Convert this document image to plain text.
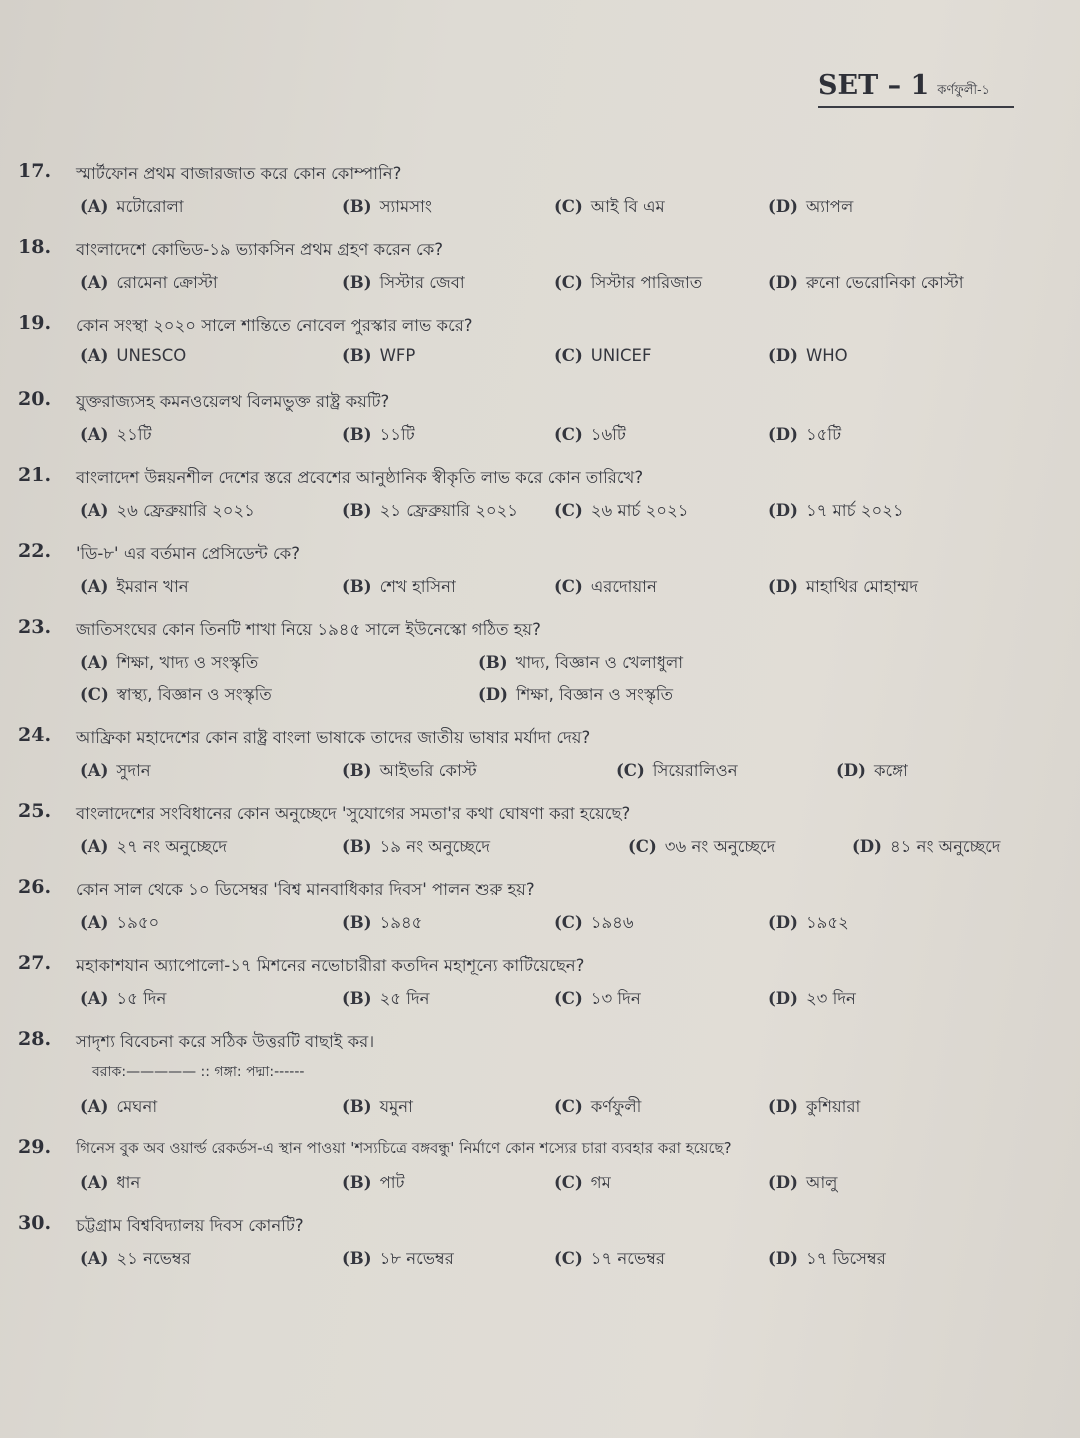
SET – 1 কর্ণফুলী-১
17.	স্মার্টফোন প্রথম বাজারজাত করে কোন কোম্পানি?
(A) মটোরোলা	(B) স্যামসাং	(C) আই বি এম	(D) অ্যাপল
18.	বাংলাদেশে কোভিড-১৯ ভ্যাকসিন প্রথম গ্রহণ করেন কে?
(A) রোমেনা ক্রোস্টা	(B) সিস্টার জেবা	(C) সিস্টার পারিজাত	(D) রুনো ভেরোনিকা কোস্টা
19.	কোন সংস্থা ২০২০ সালে শান্তিতে নোবেল পুরস্কার লাভ করে?
(A) UNESCO	(B) WFP	(C) UNICEF	(D) WHO
20.	যুক্তরাজ্যসহ কমনওয়েলথ বিলমভুক্ত রাষ্ট্র কয়টি?
(A) ২১টি	(B) ১১টি	(C) ১৬টি	(D) ১৫টি
21.	বাংলাদেশ উন্নয়নশীল দেশের স্তরে প্রবেশের আনুষ্ঠানিক স্বীকৃতি লাভ করে কোন তারিখে?
(A) ২৬ ফ্রেব্রুয়ারি ২০২১	(B) ২১ ফ্রেব্রুয়ারি ২০২১ (C) ২৬ মার্চ ২০২১	(D) ১৭ মার্চ ২০২১
22.	'ডি-৮' এর বর্তমান প্রেসিডেন্ট কে?
(A) ইমরান খান	(B) শেখ হাসিনা	(C) এরদোয়ান	(D) মাহাথির মোহাম্মদ
23.	জাতিসংঘের কোন তিনটি শাখা নিয়ে ১৯৪৫ সালে ইউনেস্কো গঠিত হয়?
(A) শিক্ষা, খাদ্য ও সংস্কৃতি	(B) খাদ্য, বিজ্ঞান ও খেলাধুলা
(C) স্বাস্থ্য, বিজ্ঞান ও সংস্কৃতি	(D) শিক্ষা, বিজ্ঞান ও সংস্কৃতি
24.	আফ্রিকা মহাদেশের কোন রাষ্ট্র বাংলা ভাষাকে তাদের জাতীয় ভাষার মর্যাদা দেয়?
(A) সুদান	(B) আইভরি কোস্ট	(C) সিয়েরালিওন	(D) কঙ্গো
25.	বাংলাদেশের সংবিধানের কোন অনুচ্ছেদে 'সুযোগের সমতা'র কথা ঘোষণা করা হয়েছে?
(A) ২৭ নং অনুচ্ছেদে	(B) ১৯ নং অনুচ্ছেদে	(C) ৩৬ নং অনুচ্ছেদে	(D) ৪১ নং অনুচ্ছেদে
26.	কোন সাল থেকে ১০ ডিসেম্বর 'বিশ্ব মানবাধিকার দিবস' পালন শুরু হয়?
(A) ১৯৫০	(B) ১৯৪৫	(C) ১৯৪৬	(D) ১৯৫২
27.	মহাকাশযান অ্যাপোলো-১৭ মিশনের নভোচারীরা কতদিন মহাশূন্যে কাটিয়েছেন?
(A) ১৫ দিন	(B) ২৫ দিন	(C) ১৩ দিন	(D) ২৩ দিন
28.	সাদৃশ্য বিবেচনা করে সঠিক উত্তরটি বাছাই কর।
বরাক:————— :: গঙ্গা: পদ্মা:------
(A) মেঘনা	(B) যমুনা	(C) কর্ণফুলী	(D) কুশিয়ারা
29.	গিনেস বুক অব ওয়ার্ল্ড রেকর্ডস-এ স্থান পাওয়া 'শস্যচিত্রে বঙ্গবন্ধু' নির্মাণে কোন শস্যের চারা ব্যবহার করা হয়েছে?
(A) ধান	(B) পাট	(C) গম	(D) আলু
30.	চট্টগ্রাম বিশ্ববিদ্যালয় দিবস কোনটি?
(A) ২১ নভেম্বর	(B) ১৮ নভেম্বর	(C) ১৭ নভেম্বর	(D) ১৭ ডিসেম্বর
